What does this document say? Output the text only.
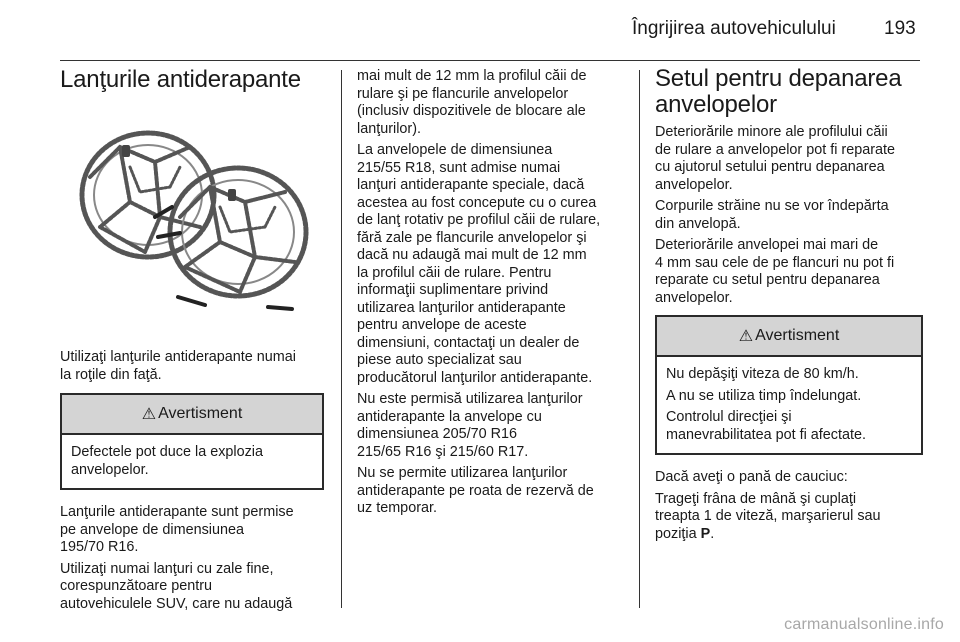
Îngrijirea autovehiculului	193
Lanţurile antiderapante

Utilizaţi lanţurile antiderapante numai
la roţile din faţă.

⚠ Avertisment

Defectele pot duce la explozia
anvelopelor.

Lanţurile antiderapante sunt permise
pe anvelope de dimensiunea
195/70 R16.

Utilizaţi numai lanţuri cu zale fine,
corespunzătoare pentru
autovehiculele SUV, care nu adaugă

mai mult de 12 mm la profilul căii de
rulare şi pe flancurile anvelopelor
(inclusiv dispozitivele de blocare ale
lanţurilor).

La anvelopele de dimensiunea
215/55 R18, sunt admise numai
lanţuri antiderapante speciale, dacă
acestea au fost concepute cu o curea
de lanţ rotativ pe profilul căii de rulare,
fără zale pe flancurile anvelopelor şi
dacă nu adaugă mai mult de 12 mm
la profilul căii de rulare. Pentru
informaţii suplimentare privind
utilizarea lanţurilor antiderapante
pentru anvelope de aceste
dimensiuni, contactaţi un dealer de
piese auto specializat sau
producătorul lanţurilor antiderapante.

Nu este permisă utilizarea lanţurilor
antiderapante la anvelope cu
dimensiunea 205/70 R16
215/65 R16 şi 215/60 R17.

Nu se permite utilizarea lanţurilor
antiderapante pe roata de rezervă de
uz temporar.

Setul pentru depanarea
anvelopelor

Deteriorările minore ale profilului căii
de rulare a anvelopelor pot fi reparate
cu ajutorul setului pentru depanarea
anvelopelor.

Corpurile străine nu se vor îndepărta
din anvelopă.

Deteriorările anvelopei mai mari de
4 mm sau cele de pe flancuri nu pot fi
reparate cu setul pentru depanarea
anvelopelor.

⚠ Avertisment

Nu depăşiţi viteza de 80 km/h.

A nu se utiliza timp îndelungat.

Controlul direcţiei şi
manevrabilitatea pot fi afectate.

Dacă aveţi o pană de cauciuc:

Trageţi frâna de mână şi cuplaţi
treapta 1 de viteză, marşarierul sau
poziţia P.

carmanualsonline.info
